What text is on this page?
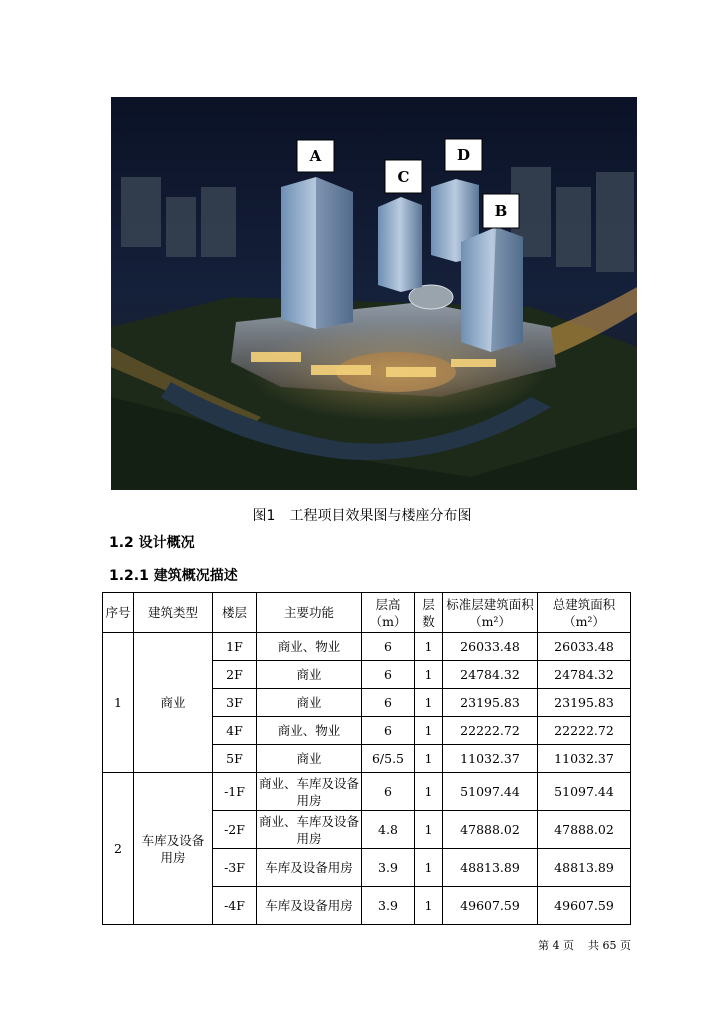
A	D
C
B
图1　工程项目效果图与楼座分布图
1.2 设计概况
1.2.1 建筑概况描述
序号	建筑类型	楼层	主要功能	层高（m）	层数	标准层建筑面积（m²）	总建筑面积（m²）
1	商业	1F	商业、物业	6	1	26033.48	26033.48
		2F	商业	6	1	24784.32	24784.32
		3F	商业	6	1	23195.83	23195.83
		4F	商业、物业	6	1	22222.72	22222.72
		5F	商业	6/5.5	1	11032.37	11032.37
2	车库及设备用房	-1F	商业、车库及设备用房	6	1	51097.44	51097.44
		-2F	商业、车库及设备用房	4.8	1	47888.02	47888.02
		-3F	车库及设备用房	3.9	1	48813.89	48813.89
		-4F	车库及设备用房	3.9	1	49607.59	49607.59
第 4 页 共 65 页
